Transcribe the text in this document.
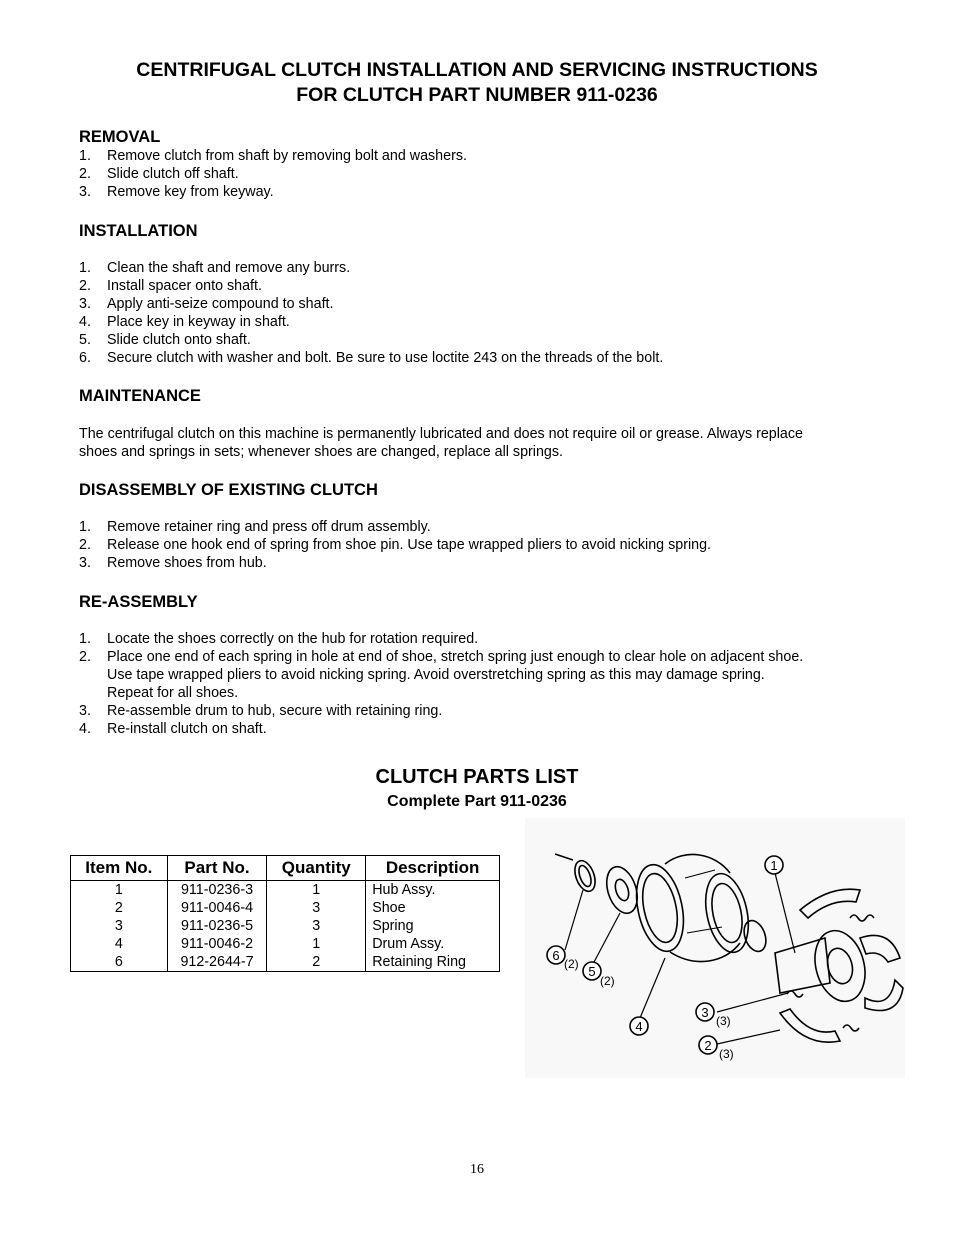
CENTRIFUGAL CLUTCH INSTALLATION AND SERVICING INSTRUCTIONS
FOR CLUTCH PART NUMBER 911-0236
REMOVAL
1. Remove clutch from shaft by removing bolt and washers.
2. Slide clutch off shaft.
3. Remove key from keyway.
INSTALLATION
1. Clean the shaft and remove any burrs.
2. Install spacer onto shaft.
3. Apply anti-seize compound to shaft.
4. Place key in keyway in shaft.
5. Slide clutch onto shaft.
6. Secure clutch with washer and bolt. Be sure to use loctite 243 on the threads of the bolt.
MAINTENANCE
The centrifugal clutch on this machine is permanently lubricated and does not require oil or grease. Always replace
shoes and springs in sets; whenever shoes are changed, replace all springs.
DISASSEMBLY OF EXISTING CLUTCH
1. Remove retainer ring and press off drum assembly.
2. Release one hook end of spring from shoe pin. Use tape wrapped pliers to avoid nicking spring.
3. Remove shoes from hub.
RE-ASSEMBLY
1. Locate the shoes correctly on the hub for rotation required.
2. Place one end of each spring in hole at end of shoe, stretch spring just enough to clear hole on adjacent shoe.
Use tape wrapped pliers to avoid nicking spring. Avoid overstretching spring as this may damage spring.
Repeat for all shoes.
3. Re-assemble drum to hub, secure with retaining ring.
4. Re-install clutch on shaft.
CLUTCH PARTS LIST
Complete Part 911-0236
Item No.	Part No.	Quantity	Description
1	911-0236-3	1	Hub Assy.
2	911-0046-4	3	Shoe
3	911-0236-5	3	Spring
4	911-0046-2	1	Drum Assy.
6	912-2644-7	2	Retaining Ring
1
2
3
4
5
6
(3)
(3)
(2)
(2)
16
